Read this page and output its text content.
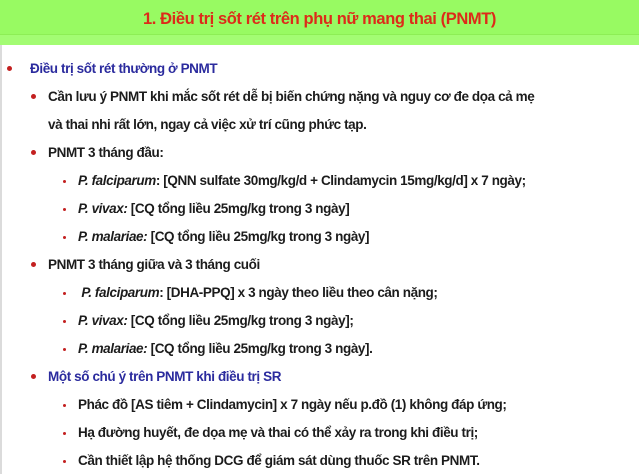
1. Điều trị sốt rét trên phụ nữ mang thai (PNMT)
Điều trị sốt rét thường ở PNMT
Cần lưu ý PNMT khi mắc sốt rét dễ bị biến chứng nặng và nguy cơ đe dọa cả mẹ
và thai nhi rất lớn, ngay cả việc xử trí cũng phức tạp.
PNMT 3 tháng đầu:
P. falciparum: [QNN sulfate 30mg/kg/d + Clindamycin 15mg/kg/d] x 7 ngày;
P. vivax: [CQ tổng liều 25mg/kg trong 3 ngày]
P. malariae: [CQ tổng liều 25mg/kg trong 3 ngày]
PNMT 3 tháng giữa và 3 tháng cuối
P. falciparum: [DHA-PPQ] x 3 ngày theo liều theo cân nặng;
P. vivax: [CQ tổng liều 25mg/kg trong 3 ngày];
P. malariae: [CQ tổng liều 25mg/kg trong 3 ngày].
Một số chú ý trên PNMT khi điều trị SR
Phác đồ [AS tiêm + Clindamycin] x 7 ngày nếu p.đồ (1) không đáp ứng;
Hạ đường huyết, đe dọa mẹ và thai có thể xảy ra trong khi điều trị;
Cần thiết lập hệ thống DCG để giám sát dùng thuốc SR trên PNMT.
